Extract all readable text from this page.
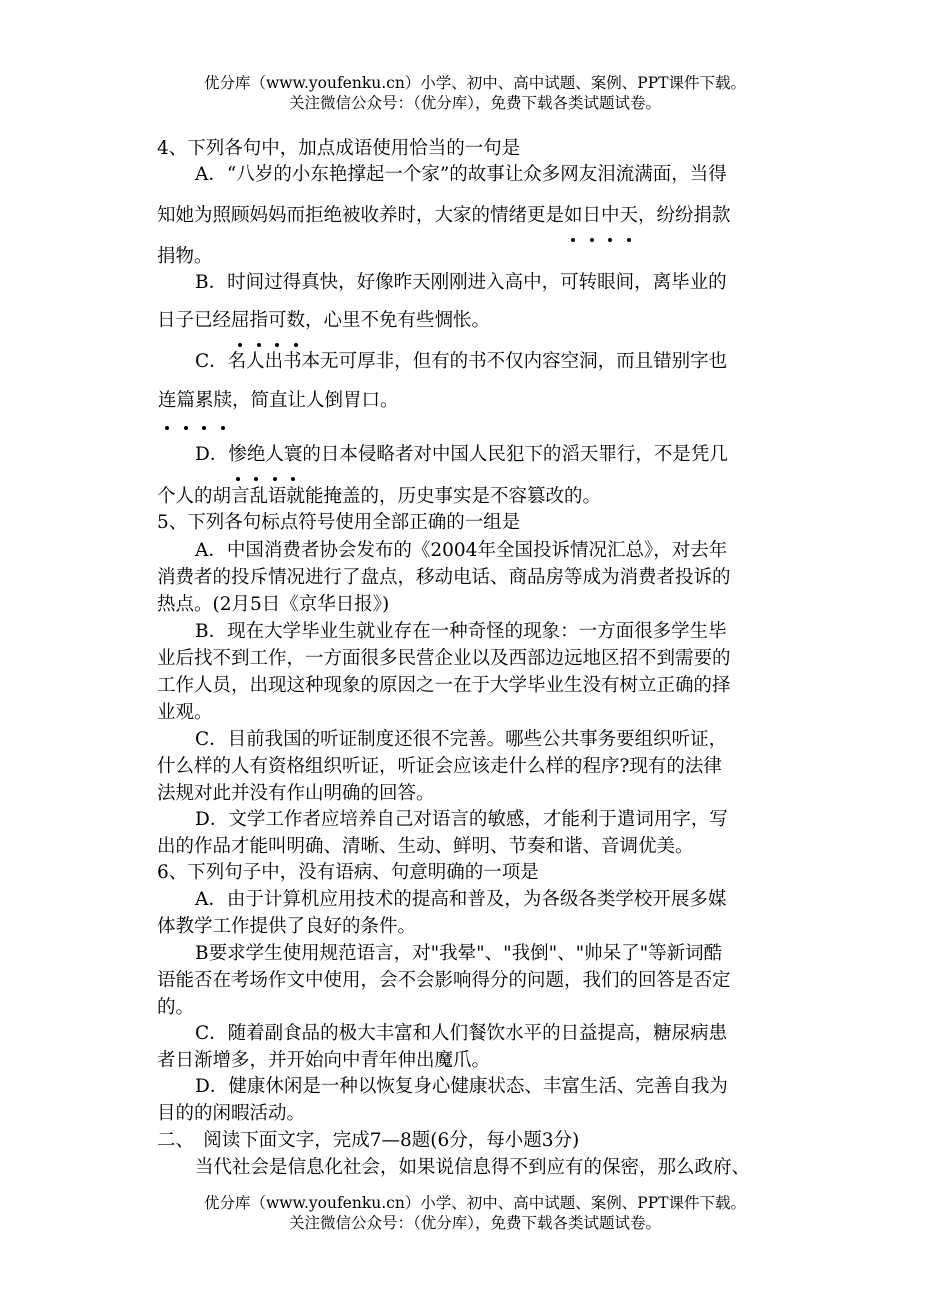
优分库（www.youfenku.cn）小学、初中、高中试题、案例、PPT课件下载。
关注微信公众号：（优分库），免费下载各类试题试卷。
4、下列各句中，加点成语使用恰当的一句是
A．“八岁的小东艳撑起一个家”的故事让众多网友泪流满面，当得
知她为照顾妈妈而拒绝被收养时，大家的情绪更是如日中天
，纷纷捐款
捐物。
B．时间过得真快，好像昨天刚刚进入高中，可转眼间，离毕业的
日子已经屈指可数
，心里不免有些惆怅。
C．名人出书本无可厚非，但有的书不仅内容空洞，而且错别字也
连篇累牍
，简直让人倒胃口。
D．惨绝人寰
的日本侵略者对中国人民犯下的滔天罪行，不是凭几
个人的胡言乱语就能掩盖的，历史事实是不容篡改的。
5、下列各句标点符号使用全部正确的一组是
A．中国消费者协会发布的《2004年全国投诉情况汇总》，对去年
消费者的投斥情况进行了盘点，移动电话、商品房等成为消费者投诉的
热点。(2月5日《京华日报》)
B．现在大学毕业生就业存在一种奇怪的现象：一方面很多学生毕
业后找不到工作，一方面很多民营企业以及西部边远地区招不到需要的
工作人员，出现这种现象的原因之一在于大学毕业生没有树立正确的择
业观。
C．目前我国的听证制度还很不完善。哪些公共事务要组织听证，
什么样的人有资格组织听证，听证会应该走什么样的程序?现有的法律
法规对此并没有作山明确的回答。
D．文学工作者应培养自己对语言的敏感，才能利于遣词用字，写
出的作品才能叫明确、清晰、生动、鲜明、节奏和谐、音调优美。
6、下列句子中，没有语病、句意明确的一项是
A．由于计算机应用技术的提高和普及，为各级各类学校开展多媒
体教学工作提供了良好的条件。
B要求学生使用规范语言，对"我晕"、"我倒"、"帅呆了"等新词酷
语能否在考场作文中使用，会不会影响得分的问题，我们的回答是否定
的。
C．随着副食品的极大丰富和人们餐饮水平的日益提高，糖尿病患
者日渐增多，并开始向中青年伸出魔爪。
D．健康休闲是一种以恢复身心健康状态、丰富生活、完善自我为
目的的闲暇活动。
二、　阅读下面文字，完成7—8题(6分，每小题3分)
当代社会是信息化社会，如果说信息得不到应有的保密，那么政府、
优分库（www.youfenku.cn）小学、初中、高中试题、案例、PPT课件下载。
关注微信公众号：（优分库），免费下载各类试题试卷。
